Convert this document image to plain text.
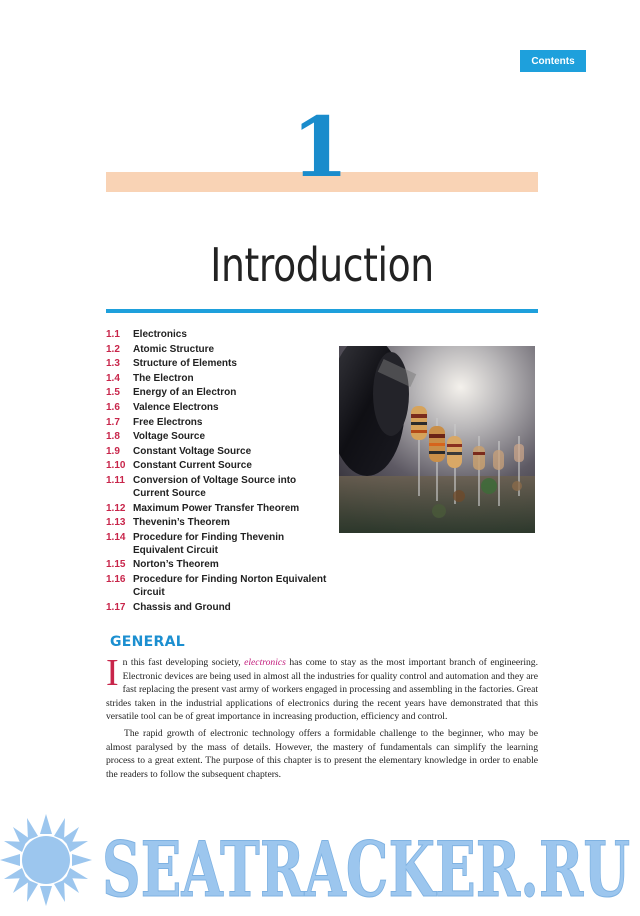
Contents
1
Introduction
1.1	Electronics
1.2	Atomic Structure
1.3	Structure of Elements
1.4	The Electron
1.5	Energy of an Electron
1.6	Valence Electrons
1.7	Free Electrons
1.8	Voltage Source
1.9	Constant Voltage Source
1.10 Constant Current Source
1.11 Conversion of Voltage Source into Current Source
1.12 Maximum Power Transfer Theorem
1.13 Thevenin’s Theorem
1.14 Procedure for Finding Thevenin Equivalent Circuit
1.15 Norton’s Theorem
1.16 Procedure for Finding Norton Equivalent Circuit
1.17 Chassis and Ground
GENERAL

In this fast developing society, electronics has come to stay as the most important branch of engineering. Electronic devices are being used in almost all the industries for quality control and automation and they are fast replacing the present vast army of workers engaged in processing and assembling in the factories. Great strides taken in the industrial applications of electronics during the recent years have demonstrated that this versatile tool can be of great importance in increasing production, efficiency and control.

The rapid growth of electronic technology offers a formidable challenge to the beginner, who may be almost paralysed by the mass of details. However, the mastery of fundamentals can simplify the learning process to a great extent. The purpose of this chapter is to present the elementary knowledge in order to enable the readers to follow the subsequent chapters.

SEATRACKER.RU
